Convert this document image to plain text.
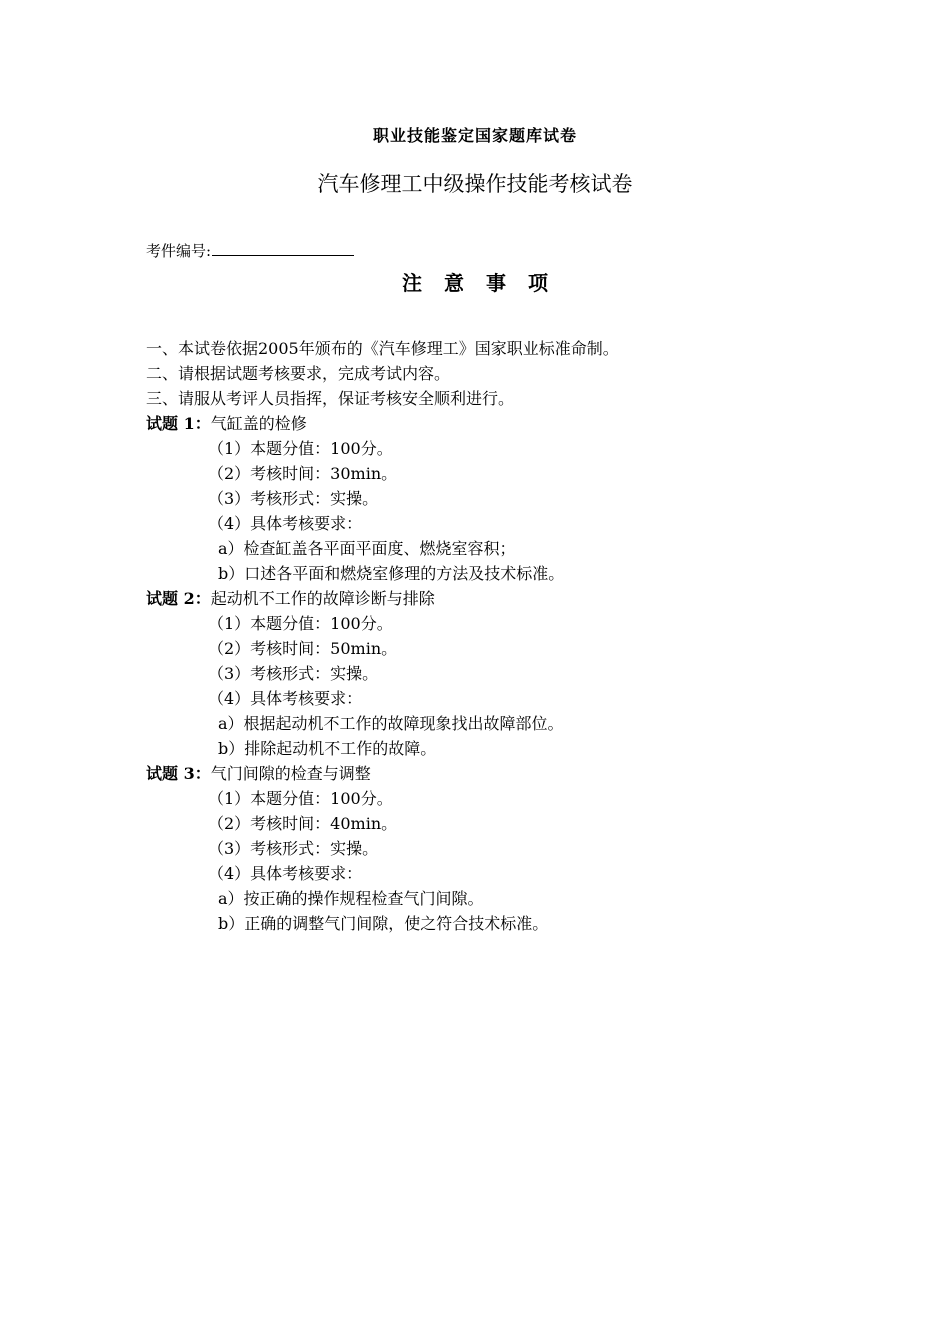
职业技能鉴定国家题库试卷
汽车修理工中级操作技能考核试卷
考件编号:
注意事项
一、本试卷依据2005年颁布的《汽车修理工》国家职业标准命制。
二、请根据试题考核要求，完成考试内容。
三、请服从考评人员指挥，保证考核安全顺利进行。
试题 1：气缸盖的检修
（1）本题分值：100分。
（2）考核时间：30min。
（3）考核形式：实操。
（4）具体考核要求：
a）检查缸盖各平面平面度、燃烧室容积；
b）口述各平面和燃烧室修理的方法及技术标准。
试题 2：起动机不工作的故障诊断与排除
（1）本题分值：100分。
（2）考核时间：50min。
（3）考核形式：实操。
（4）具体考核要求：
a）根据起动机不工作的故障现象找出故障部位。
b）排除起动机不工作的故障。
试题 3：气门间隙的检查与调整
（1）本题分值：100分。
（2）考核时间：40min。
（3）考核形式：实操。
（4）具体考核要求：
a）按正确的操作规程检查气门间隙。
b）正确的调整气门间隙，使之符合技术标准。
